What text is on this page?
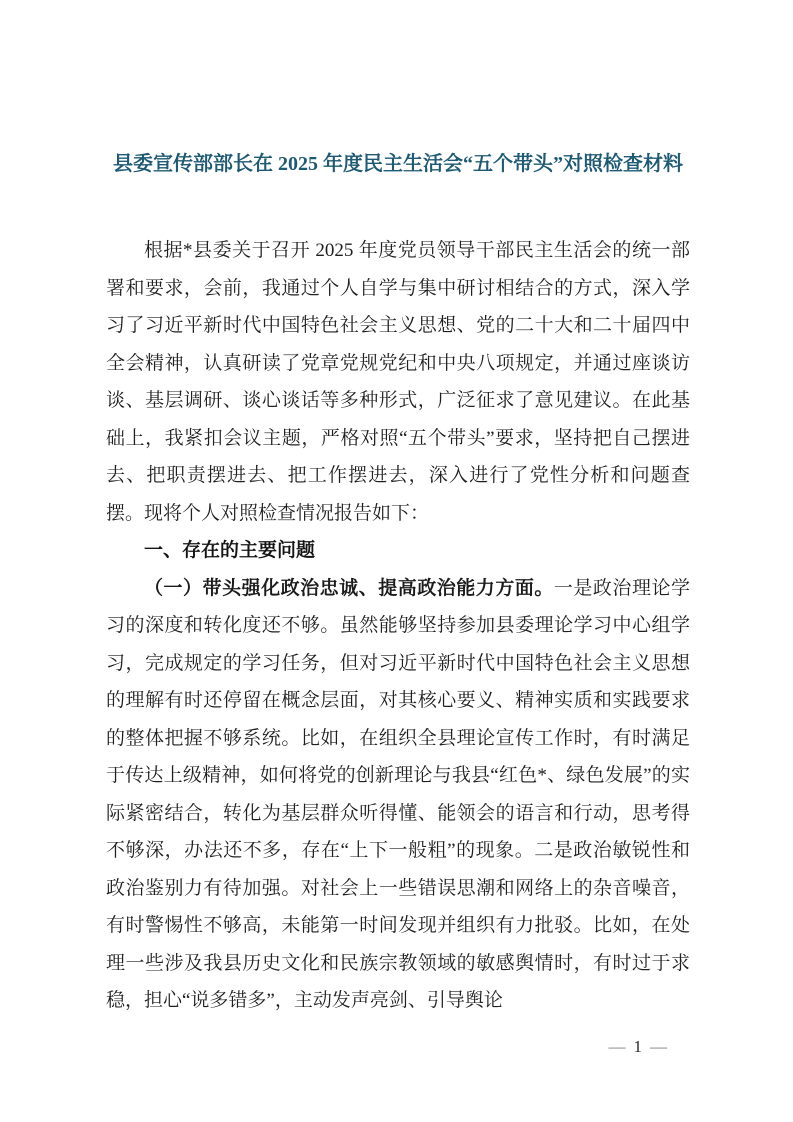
县委宣传部部长在 2025 年度民主生活会“五个带头”对照检查材料

根据*县委关于召开 2025 年度党员领导干部民主生活会的统一部署和要求，会前，我通过个人自学与集中研讨相结合的方式，深入学习了习近平新时代中国特色社会主义思想、党的二十大和二十届四中全会精神，认真研读了党章党规党纪和中央八项规定，并通过座谈访谈、基层调研、谈心谈话等多种形式，广泛征求了意见建议。在此基础上，我紧扣会议主题，严格对照“五个带头”要求，坚持把自己摆进去、把职责摆进去、把工作摆进去，深入进行了党性分析和问题查摆。现将个人对照检查情况报告如下：

一、存在的主要问题

（一）带头强化政治忠诚、提高政治能力方面。一是政治理论学习的深度和转化度还不够。虽然能够坚持参加县委理论学习中心组学习，完成规定的学习任务，但对习近平新时代中国特色社会主义思想的理解有时还停留在概念层面，对其核心要义、精神实质和实践要求的整体把握不够系统。比如，在组织全县理论宣传工作时，有时满足于传达上级精神，如何将党的创新理论与我县“红色*、绿色发展”的实际紧密结合，转化为基层群众听得懂、能领会的语言和行动，思考得不够深，办法还不多，存在“上下一般粗”的现象。二是政治敏锐性和政治鉴别力有待加强。对社会上一些错误思潮和网络上的杂音噪音，有时警惕性不够高，未能第一时间发现并组织有力批驳。比如，在处理一些涉及我县历史文化和民族宗教领域的敏感舆情时，有时过于求稳，担心“说多错多”，主动发声亮剑、引导舆论

— 1 —
